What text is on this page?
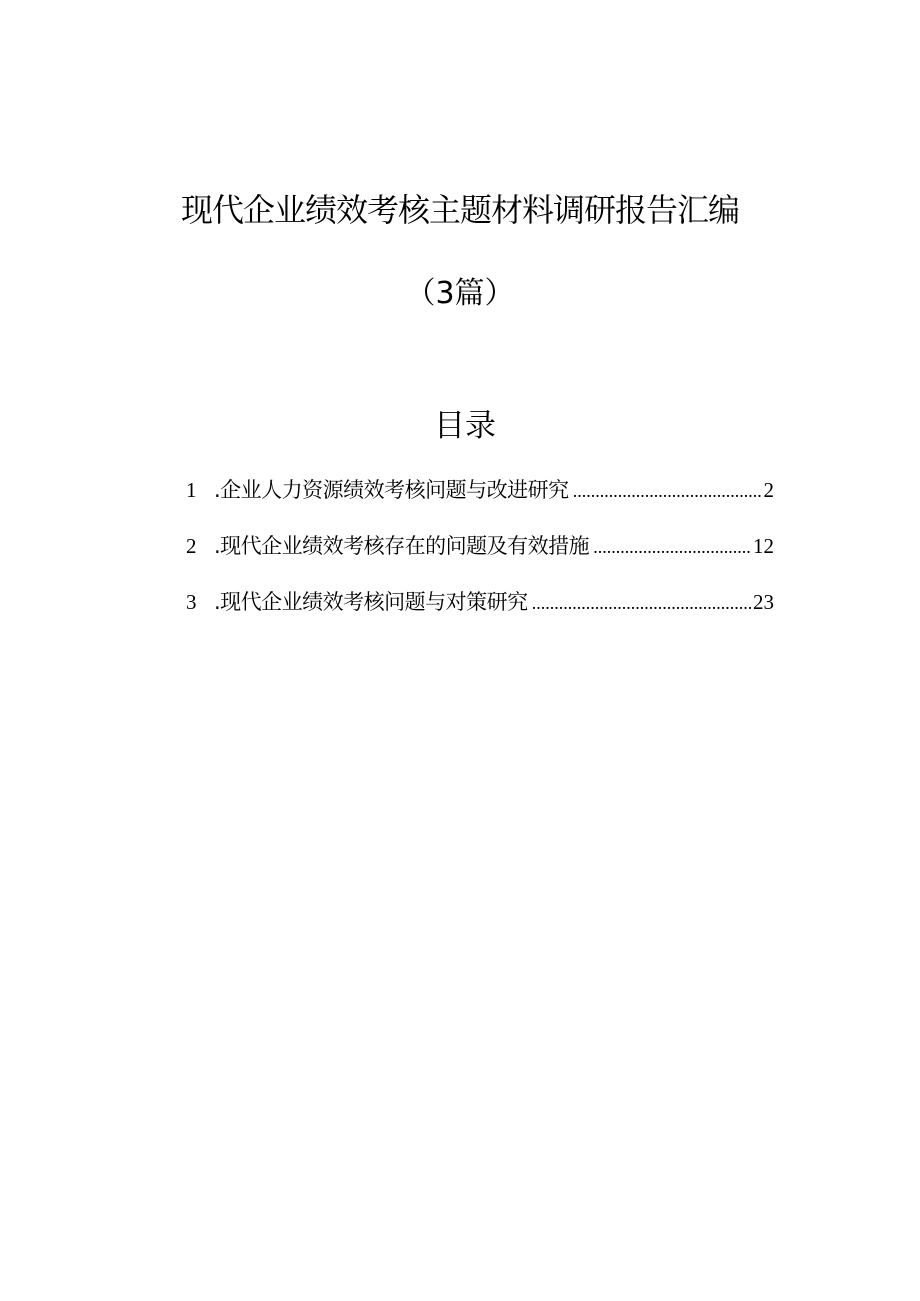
现代企业绩效考核主题材料调研报告汇编
（3篇）
目录
1 .企业人力资源绩效考核问题与改进研究 .....	2
2 .现代企业绩效考核存在的问题及有效措施 .....	12
3 .现代企业绩效考核问题与对策研究 .....	23
